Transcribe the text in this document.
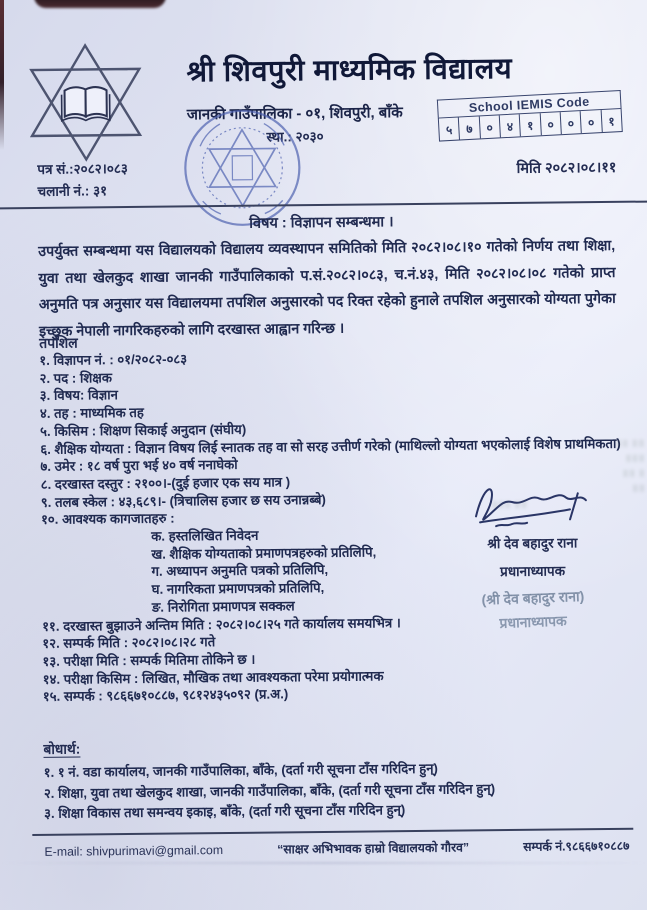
श्री शिवपुरी माध्यमिक विद्यालय
जानकी गाउँपालिका - ०१, शिवपुरी, बाँके
स्था.: २०३०
School IEMIS Code
५	७	०	४	१	०	०	०	१
मिति २०८२।०८।११
पत्र सं.:२०८२।०८३
चलानी नं.: ३१
विषय : विज्ञापन सम्बन्धमा ।
उपर्युक्त सम्बन्धमा यस विद्यालयको विद्यालय व्यवस्थापन समितिको मिति २०८२।०८।१० गतेको निर्णय तथा शिक्षा, युवा तथा खेलकुद शाखा जानकी गाउँपालिकाको प.सं.२०८२।०८३, च.नं.४३, मिति २०८२।०८।०८ गतेको प्राप्त अनुमति पत्र अनुसार यस विद्यालयमा तपशिल अनुसारको पद रिक्त रहेको हुनाले तपशिल अनुसारको योग्यता पुगेका इच्छुक नेपाली नागरिकहरुको लागि दरखास्त आह्वान गरिन्छ ।
तपशिल
१. विज्ञापन नं. : ०१/२०८२-०८३
२. पद : शिक्षक
३. विषय: विज्ञान
४. तह : माध्यमिक तह
५. किसिम : शिक्षण सिकाई अनुदान (संघीय)
६. शैक्षिक योग्यता : विज्ञान विषय लिई स्नातक तह वा सो सरह उत्तीर्ण गरेको (माथिल्लो योग्यता भएकोलाई विशेष प्राथमिकता)
७. उमेर : १८ वर्ष पुरा भई ४० वर्ष ननाघेको
८. दरखास्त दस्तुर : २१००।-(दुई हजार एक सय मात्र )
९. तलब स्केल : ४३,६८९।- (त्रिचालिस हजार छ सय उनान्नब्बे)
१०. आवश्यक कागजातहरु :
क. हस्तलिखित निवेदन
ख. शैक्षिक योग्यताको प्रमाणपत्रहरुको प्रतिलिपि,
ग. अध्यापन अनुमति पत्रको प्रतिलिपि,
घ. नागरिकता प्रमाणपत्रको प्रतिलिपि,
ङ. निरोगिता प्रमाणपत्र सक्कल
११. दरखास्त बुझाउने अन्तिम मिति : २०८२।०८।२५ गते कार्यालय समयभित्र ।
१२. सम्पर्क मिति : २०८२।०८।२८ गते
१३. परीक्षा मिति : सम्पर्क मितिमा तोकिने छ ।
१४. परीक्षा किसिम : लिखित, मौखिक तथा आवश्यकता परेमा प्रयोगात्मक
१५. सम्पर्क : ९८६६७१०८८७, ९८१२४३५०९२ (प्र.अ.)
श्री देव बहादुर राना
प्रधानाध्यापक
(श्री देव बहादुर राना)
प्रधानाध्यापक
॥॥ ॥॥
॥॥॥
॥ ॥॥
॥॥
॥॥ ॥॥॥
बोधार्थ:
१. १ नं. वडा कार्यालय, जानकी गाउँपालिका, बाँके, (दर्ता गरी सूचना टाँस गरिदिन हुन्)
२. शिक्षा, युवा तथा खेलकुद शाखा, जानकी गाउँपालिका, बाँके, (दर्ता गरी सूचना टाँस गरिदिन हुन्)
३. शिक्षा विकास तथा समन्वय इकाइ, बाँके, (दर्ता गरी सूचना टाँस गरिदिन हुन्)
E-mail: shivpurimavi@gmail.com	“साक्षर अभिभावक हाम्रो विद्यालयको गौरव”	सम्पर्क नं.९८६६७१०८८७
